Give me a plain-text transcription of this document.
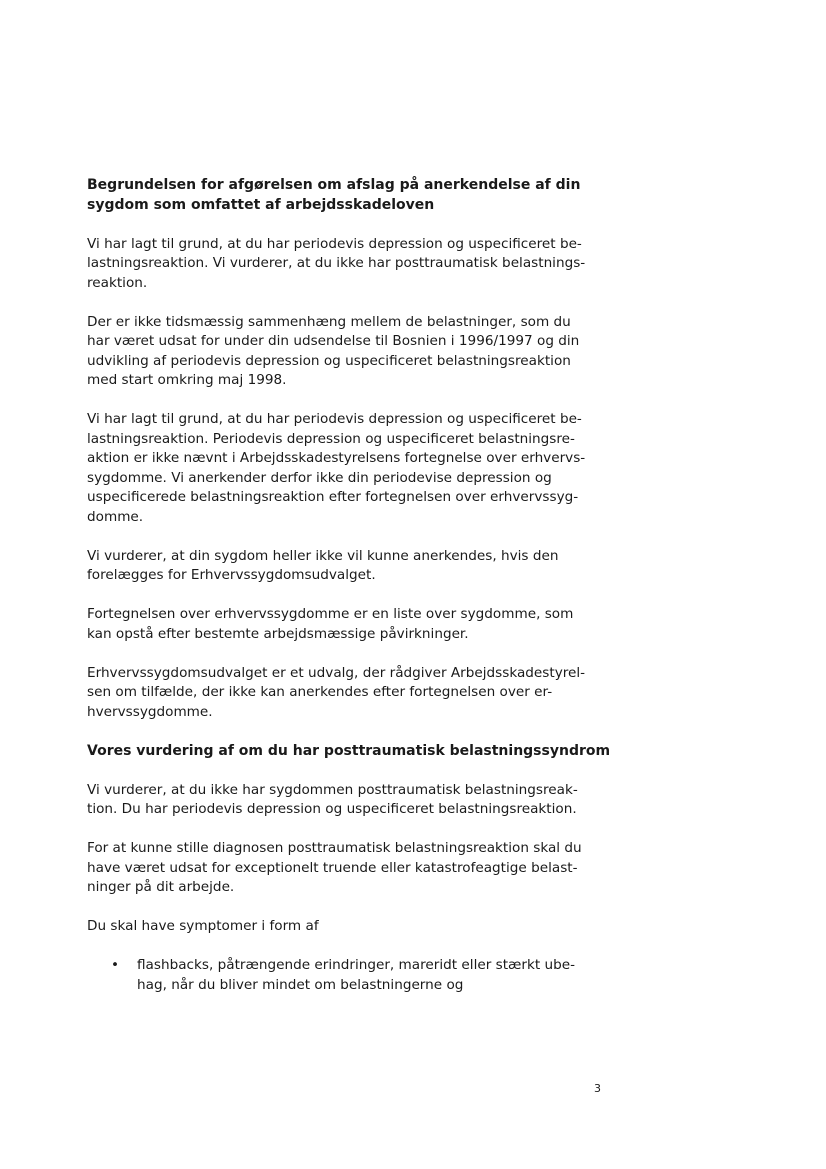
Begrundelsen for afgørelsen om afslag på anerkendelse af din
sygdom som omfattet af arbejdsskadeloven
Vi har lagt til grund, at du har periodevis depression og uspecificeret be-
lastningsreaktion. Vi vurderer, at du ikke har posttraumatisk belastnings-
reaktion.
Der er ikke tidsmæssig sammenhæng mellem de belastninger, som du
har været udsat for under din udsendelse til Bosnien i 1996/1997 og din
udvikling af periodevis depression og uspecificeret belastningsreaktion
med start omkring maj 1998.
Vi har lagt til grund, at du har periodevis depression og uspecificeret be-
lastningsreaktion. Periodevis depression og uspecificeret belastningsre-
aktion er ikke nævnt i Arbejdsskadestyrelsens fortegnelse over erhvervs-
sygdomme. Vi anerkender derfor ikke din periodevise depression og
uspecificerede belastningsreaktion efter fortegnelsen over erhvervssyg-
domme.
Vi vurderer, at din sygdom heller ikke vil kunne anerkendes, hvis den
forelægges for Erhvervssygdomsudvalget.
Fortegnelsen over erhvervssygdomme er en liste over sygdomme, som
kan opstå efter bestemte arbejdsmæssige påvirkninger.
Erhvervssygdomsudvalget er et udvalg, der rådgiver Arbejdsskadestyrel-
sen om tilfælde, der ikke kan anerkendes efter fortegnelsen over er-
hvervssygdomme.
Vores vurdering af om du har posttraumatisk belastningssyndrom
Vi vurderer, at du ikke har sygdommen posttraumatisk belastningsreak-
tion. Du har periodevis depression og uspecificeret belastningsreaktion.
For at kunne stille diagnosen posttraumatisk belastningsreaktion skal du
have været udsat for exceptionelt truende eller katastrofeagtige belast-
ninger på dit arbejde.
Du skal have symptomer i form af
• flashbacks, påtrængende erindringer, mareridt eller stærkt ube-
hag, når du bliver mindet om belastningerne og
3
